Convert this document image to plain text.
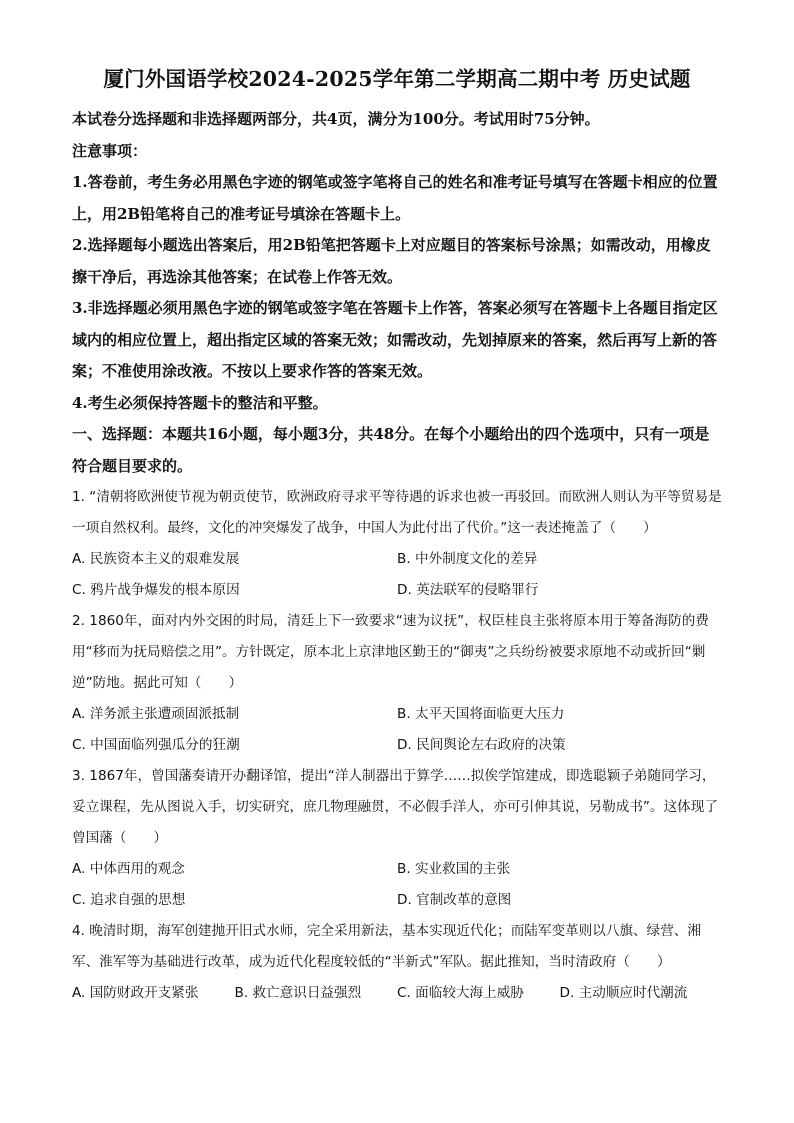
厦门外国语学校2024-2025学年第二学期高二期中考 历史试题
本试卷分选择题和非选择题两部分，共4页，满分为100分。考试用时75分钟。
注意事项：
1.答卷前，考生务必用黑色字迹的钢笔或签字笔将自己的姓名和准考证号填写在答题卡相应的位置上，用2B铅笔将自己的准考证号填涂在答题卡上。
2.选择题每小题选出答案后，用2B铅笔把答题卡上对应题目的答案标号涂黑；如需改动，用橡皮擦干净后，再选涂其他答案；在试卷上作答无效。
3.非选择题必须用黑色字迹的钢笔或签字笔在答题卡上作答，答案必须写在答题卡上各题目指定区域内的相应位置上，超出指定区域的答案无效；如需改动，先划掉原来的答案，然后再写上新的答案；不准使用涂改液。不按以上要求作答的答案无效。
4.考生必须保持答题卡的整洁和平整。
一、选择题：本题共16小题，每小题3分，共48分。在每个小题给出的四个选项中，只有一项是符合题目要求的。
1. “清朝将欧洲使节视为朝贡使节，欧洲政府寻求平等待遇的诉求也被一再驳回。而欧洲人则认为平等贸易是一项自然权利。最终，文化的冲突爆发了战争，中国人为此付出了代价。”这一表述掩盖了（　　）
A. 民族资本主义的艰难发展	B. 中外制度文化的差异
C. 鸦片战争爆发的根本原因	D. 英法联军的侵略罪行
2. 1860年，面对内外交困的时局，清廷上下一致要求“速为议抚”，权臣桂良主张将原本用于筹备海防的费用“移而为抚局赔偿之用”。方针既定，原本北上京津地区勤王的“御夷”之兵纷纷被要求原地不动或折回“剿逆”防地。据此可知（　　）
A. 洋务派主张遭顽固派抵制	B. 太平天国将面临更大压力
C. 中国面临列强瓜分的狂潮	D. 民间舆论左右政府的决策
3. 1867年，曾国藩奏请开办翻译馆，提出“洋人制器出于算学……拟俟学馆建成，即选聪颖子弟随同学习，妥立课程，先从图说入手，切实研究，庶几物理融贯，不必假手洋人，亦可引伸其说，另勒成书”。这体现了曾国藩（　　）
A. 中体西用的观念	B. 实业救国的主张
C. 追求自强的思想	D. 官制改革的意图
4. 晚清时期，海军创建抛开旧式水师，完全采用新法，基本实现近代化；而陆军变革则以八旗、绿营、湘军、淮军等为基础进行改革，成为近代化程度较低的“半新式”军队。据此推知，当时清政府（　　）
A. 国防财政开支紧张	B. 救亡意识日益强烈	C. 面临较大海上威胁	D. 主动顺应时代潮流
